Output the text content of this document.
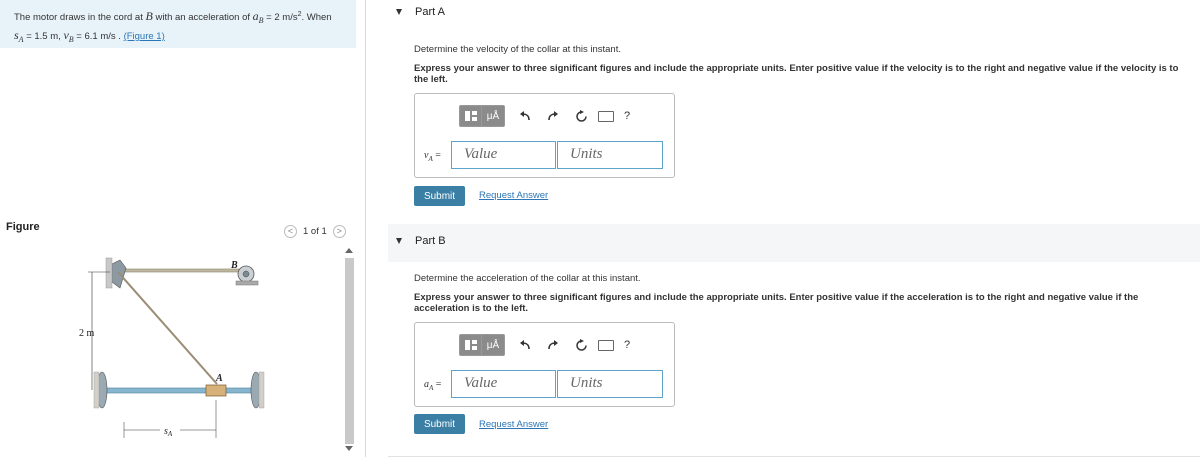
The motor draws in the cord at B with an acceleration of $a_B = 2$ $m/s^2$. When
$s_A = 1.5$ m, $v_B = 6.1$ m/s . (Figure 1)
Figure	<	1 of 1	>
2 m
B
A
$s_A$
Part A
Determine the velocity of the collar at this instant.
Express your answer to three significant figures and include the appropriate units. Enter positive value if the velocity is to the right and negative value if the velocity is to the left.
μÅ	?
$v_A$ =	Value	Units
Submit	Request Answer
Part B
Determine the acceleration of the collar at this instant.
Express your answer to three significant figures and include the appropriate units. Enter positive value if the acceleration is to the right and negative value if the acceleration is to the left.
μÅ	?
$a_A$ =	Value	Units
Submit	Request Answer
